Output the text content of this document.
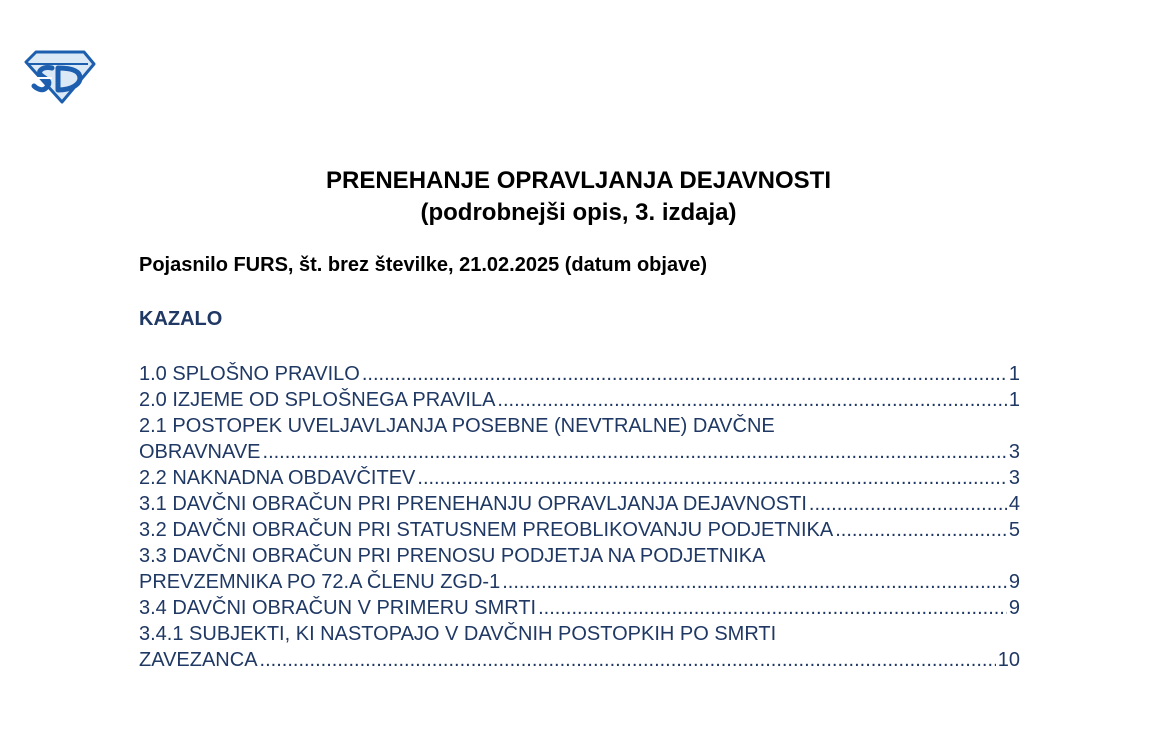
PRENEHANJE OPRAVLJANJA DEJAVNOSTI
(podrobnejši opis, 3. izdaja)
Pojasnilo FURS, št. brez številke, 21.02.2025 (datum objave)
KAZALO
1.0 SPLOŠNO PRAVILO .....	1
2.0 IZJEME OD SPLOŠNEGA PRAVILA .....	1
2.1 POSTOPEK UVELJAVLJANJA POSEBNE (NEVTRALNE) DAVČNE
OBRAVNAVE .....	3
2.2 NAKNADNA OBDAVČITEV .....	3
3.1 DAVČNI OBRAČUN PRI PRENEHANJU OPRAVLJANJA DEJAVNOSTI .....	4
3.2 DAVČNI OBRAČUN PRI STATUSNEM PREOBLIKOVANJU PODJETNIKA .....	5
3.3 DAVČNI OBRAČUN PRI PRENOSU PODJETJA NA PODJETNIKA
PREVZEMNIKA PO 72.A ČLENU ZGD-1 .....	9
3.4 DAVČNI OBRAČUN V PRIMERU SMRTI .....	9
3.4.1 SUBJEKTI, KI NASTOPAJO V DAVČNIH POSTOPKIH PO SMRTI
ZAVEZANCA .....	10
